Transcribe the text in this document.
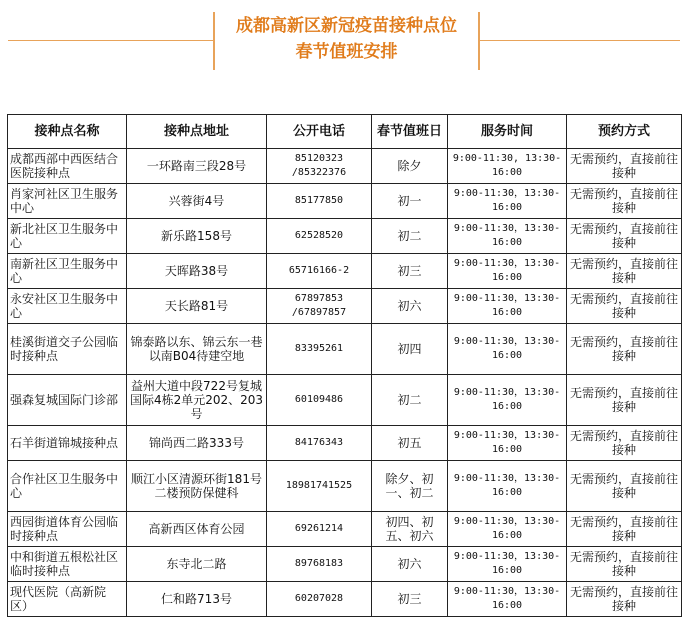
成都高新区新冠疫苗接种点位
春节值班安排
接种点名称	接种点地址	公开电话	春节值班日	服务时间	预约方式
成都西部中西医结合医院接种点	一环路南三段28号	85120323 /85322376	除夕	9:00-11:30, 13:30-16:00	无需预约，直接前往接种
肖家河社区卫生服务中心	兴蓉街4号	85177850	初一	9:00-11:30，13:30-16:00	无需预约，直接前往接种
新北社区卫生服务中心	新乐路158号	62528520	初二	9:00-11:30，13:30-16:00	无需预约，直接前往接种
南新社区卫生服务中心	天晖路38号	65716166-2	初三	9:00-11:30，13:30-16:00	无需预约，直接前往接种
永安社区卫生服务中心	天长路81号	67897853 /67897857	初六	9:00-11:30，13:30-16:00	无需预约，直接前往接种
桂溪街道交子公园临时接种点	锦泰路以东、锦云东一巷以南B04待建空地	83395261	初四	9:00-11:30，13:30-16:00	无需预约，直接前往接种
强森复城国际门诊部	益州大道中段722号复城国际4栋2单元202、203号	60109486	初二	9:00-11:30，13:30-16:00	无需预约，直接前往接种
石羊街道锦城接种点	锦尚西二路333号	84176343	初五	9:00-11:30，13:30-16:00	无需预约，直接前往接种
合作社区卫生服务中心	顺江小区清源环街181号二楼预防保健科	18981741525	除夕、初一、初二	9:00-11:30，13:30-16:00	无需预约，直接前往接种
西园街道体育公园临时接种点	高新西区体育公园	69261214	初四、初五、初六	9:00-11:30，13:30-16:00	无需预约，直接前往接种
中和街道五根松社区临时接种点	东寺北二路	89768183	初六	9:00-11:30，13:30-16:00	无需预约，直接前往接种
现代医院（高新院区）	仁和路713号	60207028	初三	9:00-11:30，13:30-16:00	无需预约，直接前往接种
